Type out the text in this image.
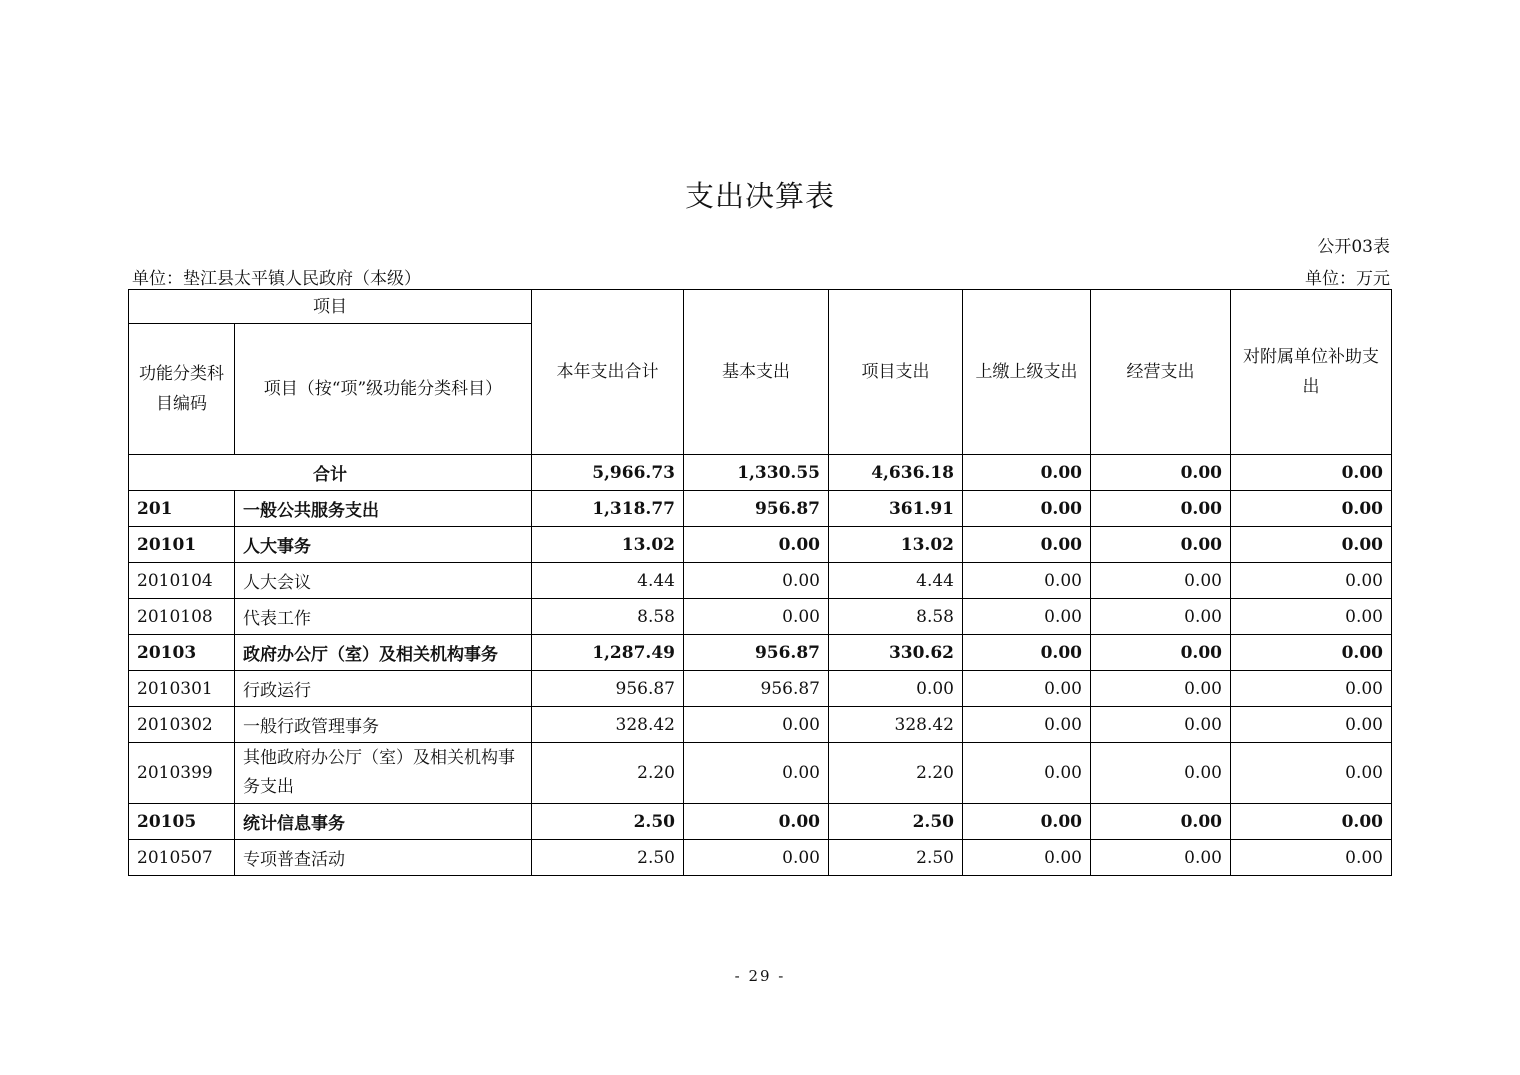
支出决算表
公开03表
单位：垫江县太平镇人民政府（本级）	单位：万元
项目		本年支出合计	基本支出	项目支出	上缴上级支出	经营支出	对附属单位补助支出
功能分类科目编码	项目（按“项”级功能分类科目）						
合计		5,966.73	1,330.55	4,636.18	0.00	0.00	0.00
201	一般公共服务支出	1,318.77	956.87	361.91	0.00	0.00	0.00
20101	人大事务	13.02	0.00	13.02	0.00	0.00	0.00
2010104	人大会议	4.44	0.00	4.44	0.00	0.00	0.00
2010108	代表工作	8.58	0.00	8.58	0.00	0.00	0.00
20103	政府办公厅（室）及相关机构事务	1,287.49	956.87	330.62	0.00	0.00	0.00
2010301	行政运行	956.87	956.87	0.00	0.00	0.00	0.00
2010302	一般行政管理事务	328.42	0.00	328.42	0.00	0.00	0.00
2010399	其他政府办公厅（室）及相关机构事务支出	2.20	0.00	2.20	0.00	0.00	0.00
20105	统计信息事务	2.50	0.00	2.50	0.00	0.00	0.00
2010507	专项普查活动	2.50	0.00	2.50	0.00	0.00	0.00
- 29 -
